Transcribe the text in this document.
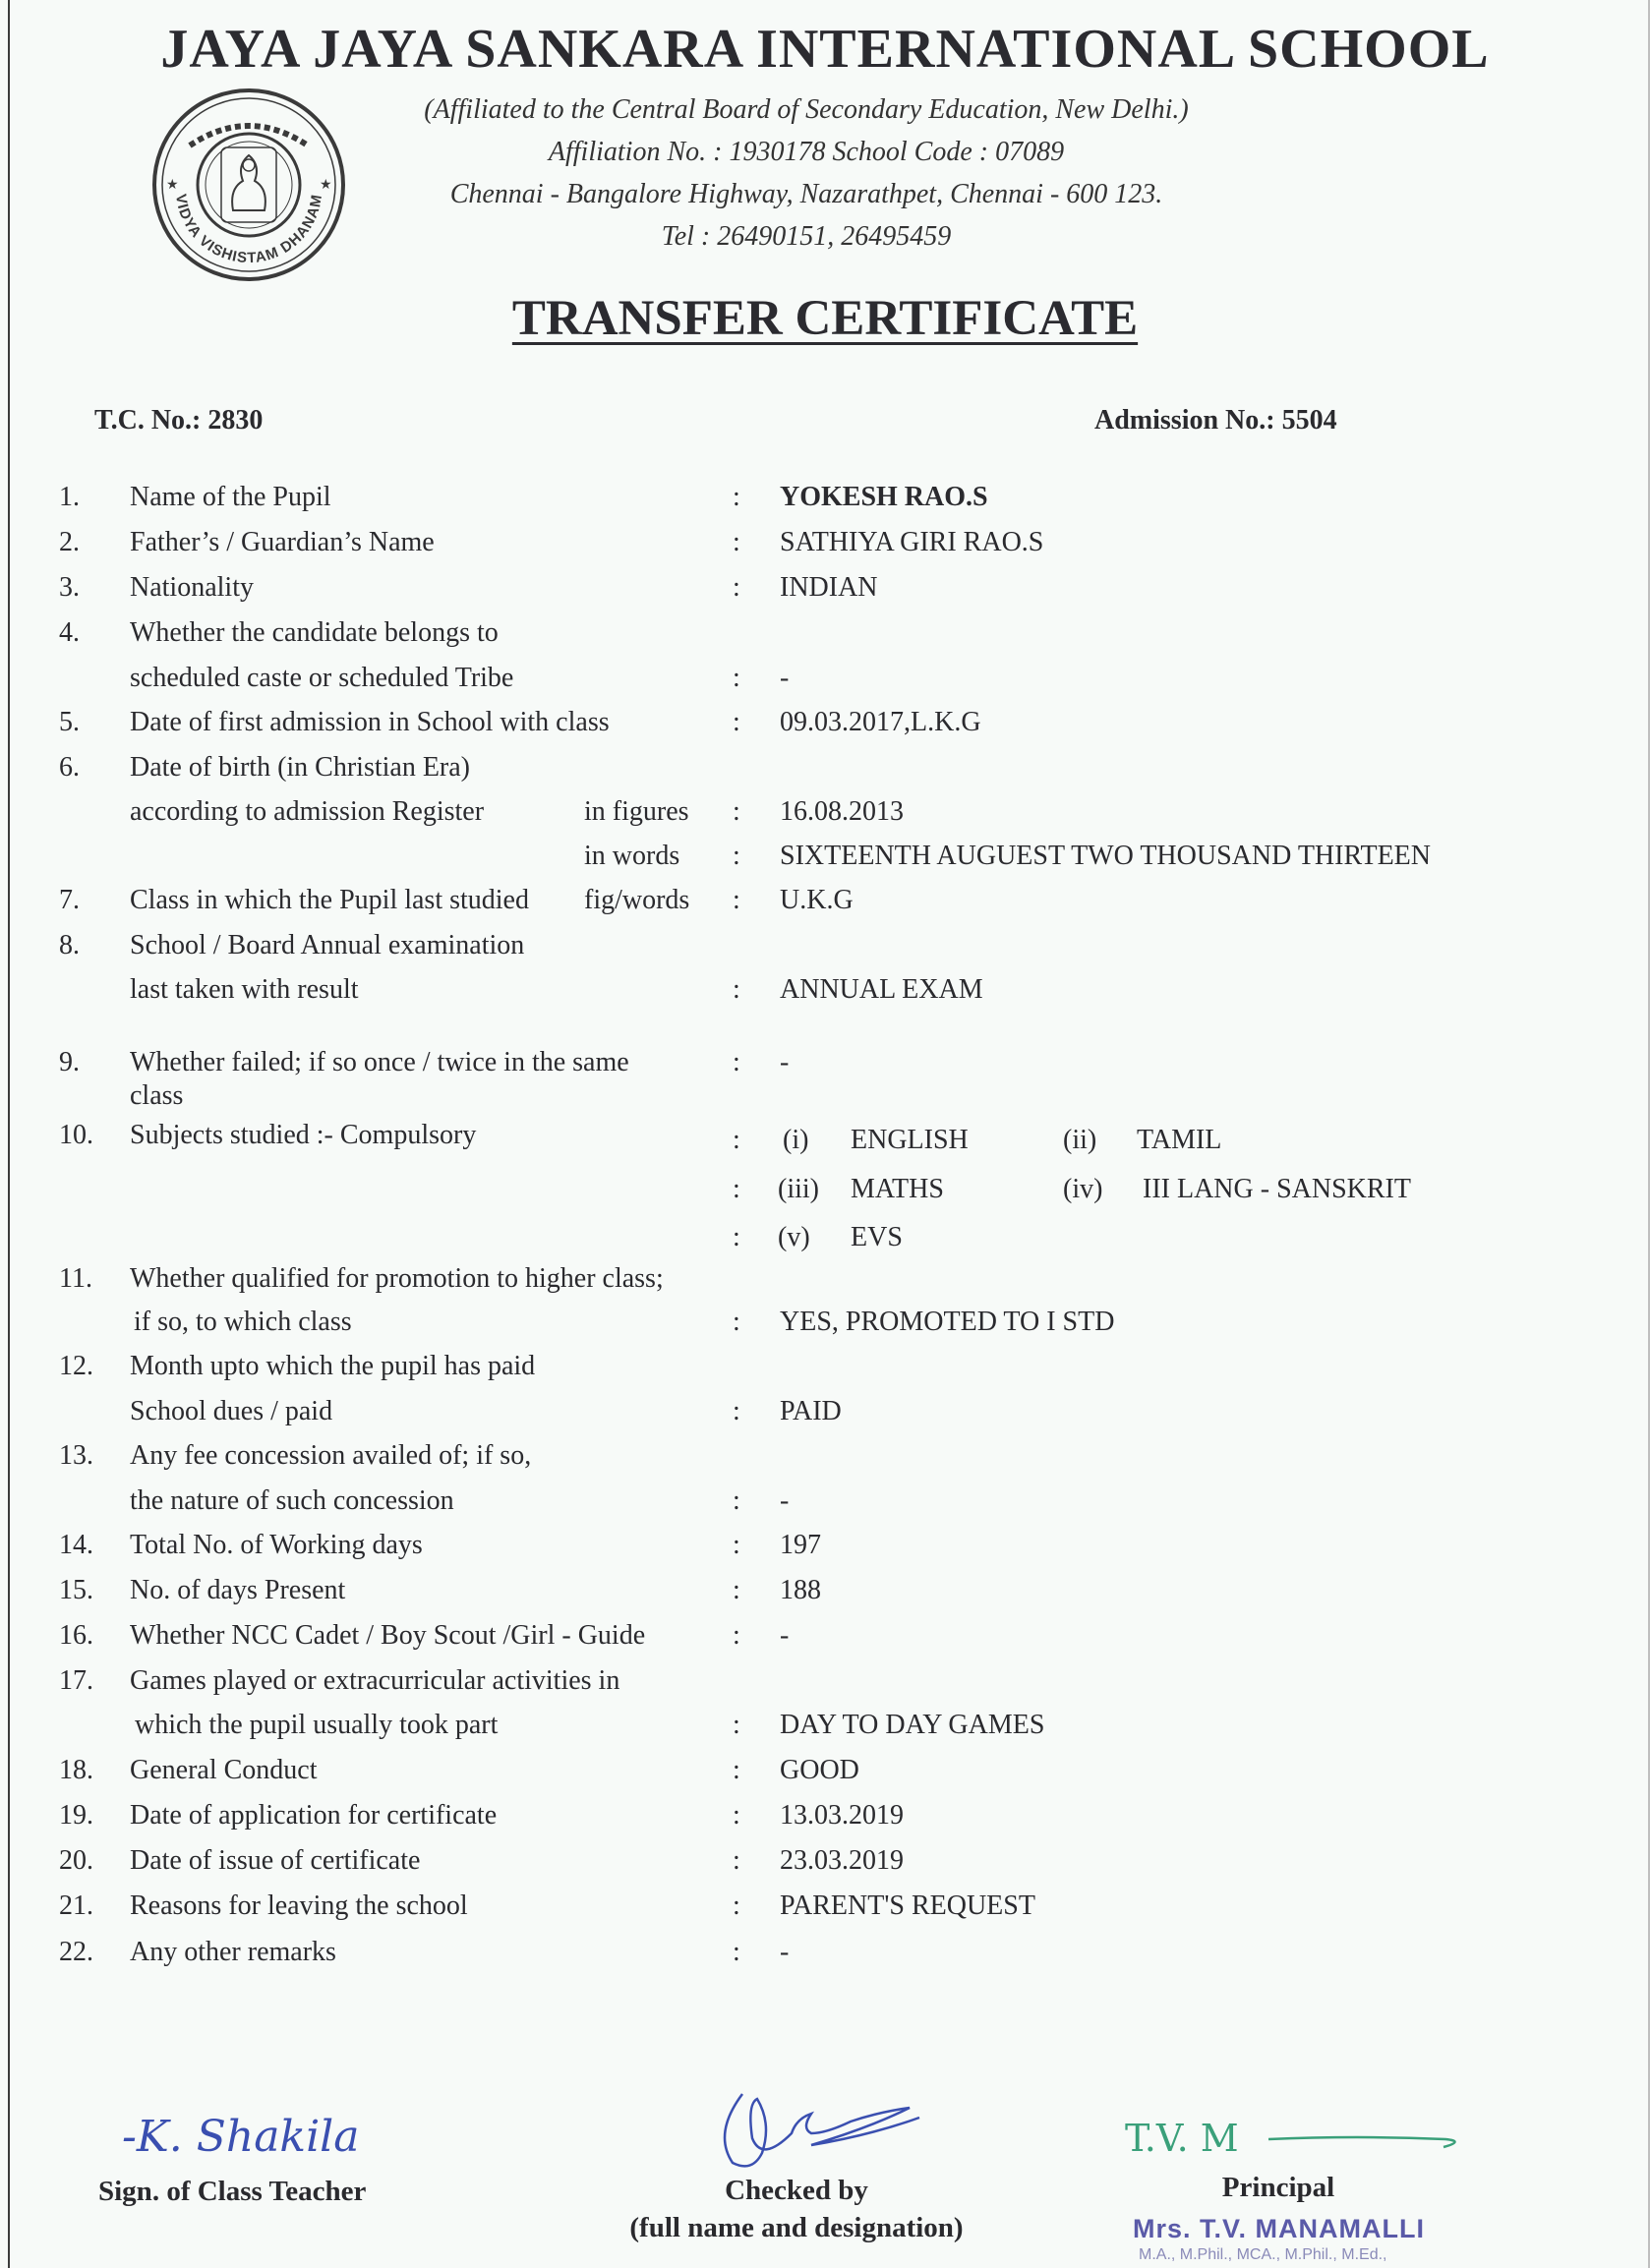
JAYA JAYA SANKARA INTERNATIONAL SCHOOL
★	★
VIDYA VISHISTAM DHANAM
(Affiliated to the Central Board of Secondary Education, New Delhi.)
Affiliation No. : 1930178 School Code : 07089
Chennai - Bangalore Highway, Nazarathpet, Chennai - 600 123.
Tel : 26490151, 26495459
TRANSFER CERTIFICATE
T.C. No.: 2830	Admission No.: 5504
1.	Name of the Pupil	: YOKESH RAO.S
2.	Father’s / Guardian’s Name	: SATHIYA GIRI RAO.S
3.	Nationality	: INDIAN
4.	Whether the candidate belongs to
scheduled caste or scheduled Tribe	: -
5.	Date of first admission in School with class	: 09.03.2017,L.K.G
6.	Date of birth (in Christian Era)
according to admission Register	in figures : 16.08.2013
in words : SIXTEENTH AUGUEST TWO THOUSAND THIRTEEN
7.	Class in which the Pupil last studied fig/words : U.K.G
8.	School / Board Annual examination
last taken with result	: ANNUAL EXAM
9.	Whether failed; if so once / twice in the same	: -
class
10. Subjects studied :- Compulsory	: (i) ENGLISH	(ii) TAMIL
: (iii) MATHS	(iv) III LANG - SANSKRIT
: (v) EVS
11. Whether qualified for promotion to higher class;
if so, to which class	: YES, PROMOTED TO I STD
12. Month upto which the pupil has paid
School dues / paid	: PAID
13. Any fee concession availed of; if so,
the nature of such concession	: -
14. Total No. of Working days	: 197
15. No. of days Present	: 188
16. Whether NCC Cadet / Boy Scout /Girl - Guide	: -
17. Games played or extracurricular activities in
which the pupil usually took part	: DAY TO DAY GAMES
18. General Conduct	: GOOD
19. Date of application for certificate	: 13.03.2019
20. Date of issue of certificate	: 23.03.2019
21. Reasons for leaving the school	: PARENT'S REQUEST
22. Any other remarks	: -
-K. Shakila
Sign. of Class Teacher	Checked by
(full name and designation)
T.V. M
Principal
Mrs. T.V. MANAMALLI
M.A., M.Phil., MCA., M.Phil., M.Ed.,
